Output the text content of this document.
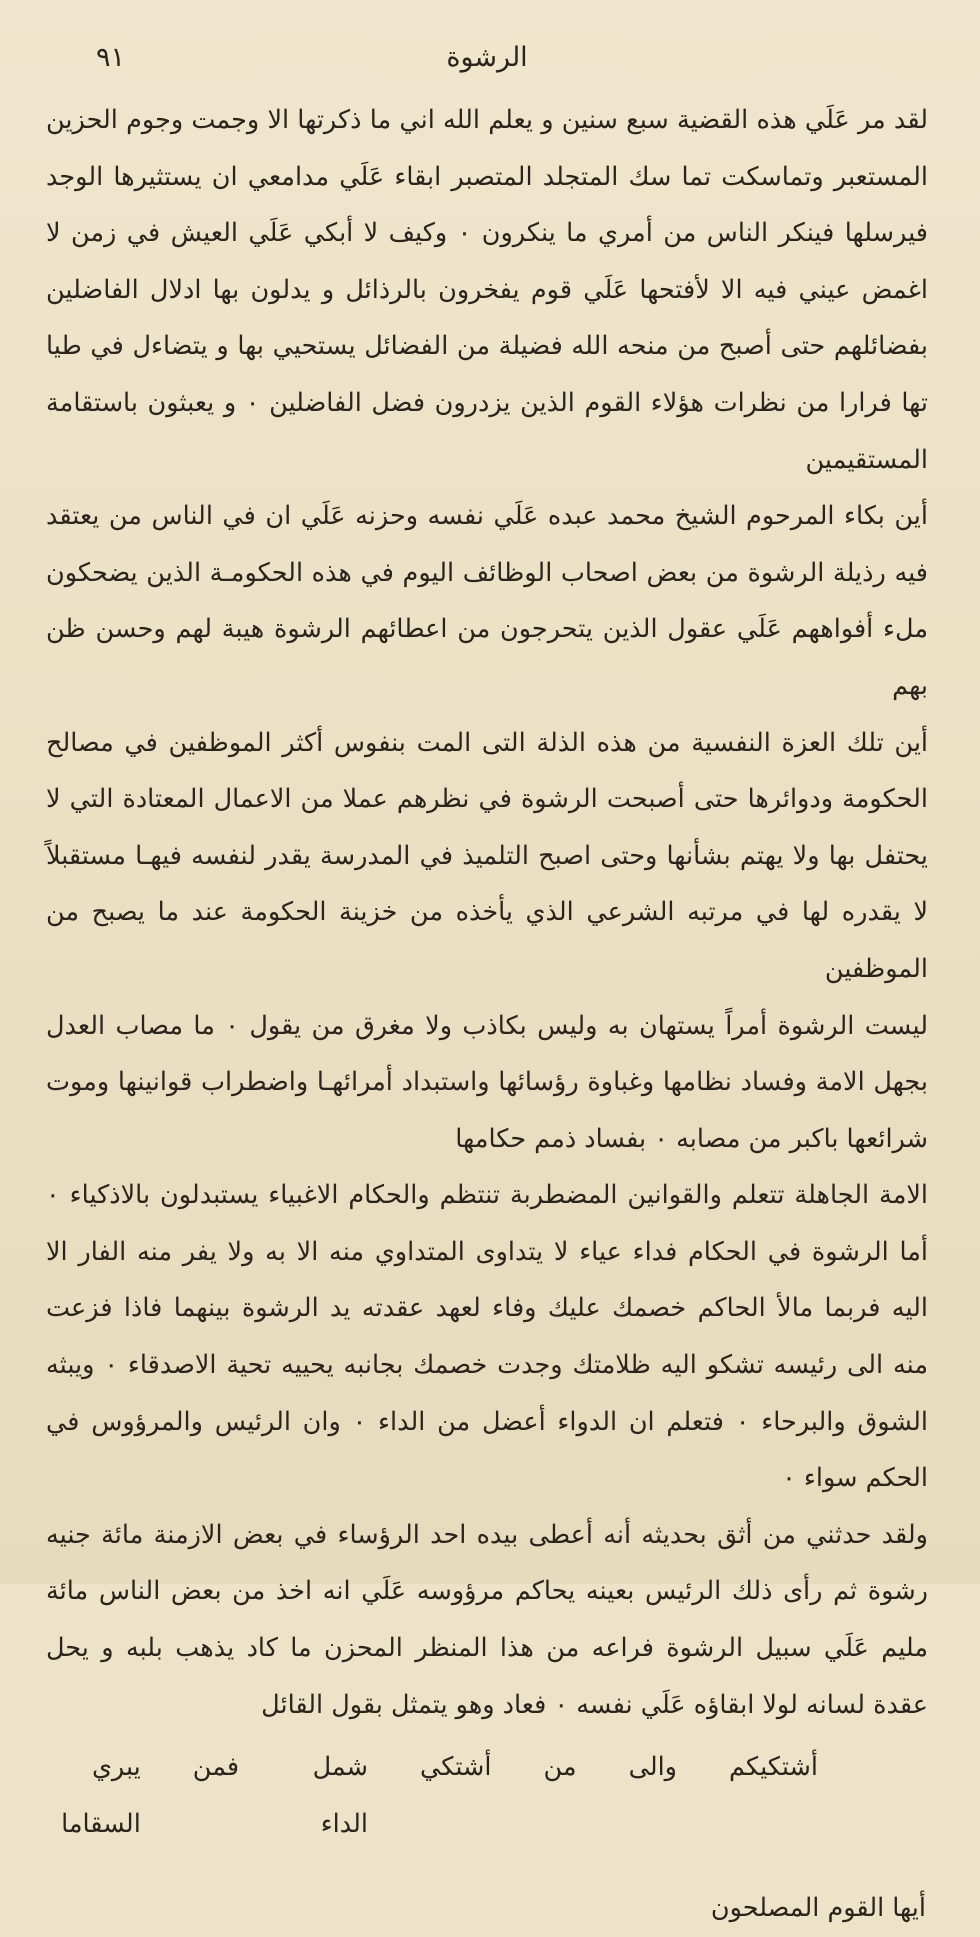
الرشوة
٩١

لقد مر عَلَي هذه القضية سبع سنين و يعلم الله اني ما ذكرتها الا وجمت وجوم الحزين المستعبر وتماسكت تما سك المتجلد المتصبر ابقاء عَلَي مدامعي ان يستثيرها الوجد فيرسلها فينكر الناس من أمري ما ينكرون ٠ وكيف لا أبكي عَلَي العيش في زمن لا اغمض عيني فيه الا لأفتحها عَلَي قوم يفخرون بالرذائل و يدلون بها ادلال الفاضلين بفضائلهم حتى أصبح من منحه الله فضيلة من الفضائل يستحيي بها و يتضاءل في طيا تها فرارا من نظرات هؤلاء القوم الذين يزدرون فضل الفاضلين ٠ و يعبثون باستقامة المستقيمين

أين بكاء المرحوم الشيخ محمد عبده عَلَي نفسه وحزنه عَلَي ان في الناس من يعتقد فيه رذيلة الرشوة من بعض اصحاب الوظائف اليوم في هذه الحكومـة الذين يضحكون ملء أفواههم عَلَي عقول الذين يتحرجون من اعطائهم الرشوة هيبة لهم وحسن ظن بهم

أين تلك العزة النفسية من هذه الذلة التى المت بنفوس أكثر الموظفين في مصالح الحكومة ودوائرها حتى أصبحت الرشوة في نظرهم عملا من الاعمال المعتادة التي لا يحتفل بها ولا يهتم بشأنها وحتى اصبح التلميذ في المدرسة يقدر لنفسه فيهـا مستقبلاً لا يقدره لها في مرتبه الشرعي الذي يأخذه من خزينة الحكومة عند ما يصبح من الموظفين

ليست الرشوة أمراً يستهان به وليس بكاذب ولا مغرق من يقول ٠ ما مصاب العدل بجهل الامة وفساد نظامها وغباوة رؤسائها واستبداد أمرائهـا واضطراب قوانينها وموت شرائعها باكبر من مصابه ٠ بفساد ذمم حكامها

الامة الجاهلة تتعلم والقوانين المضطربة تنتظم والحكام الاغبياء يستبدلون بالاذكياء ٠ أما الرشوة في الحكام فداء عياء لا يتداوى المتداوي منه الا به ولا يفر منه الفار الا اليه فربما مالأ الحاكم خصمك عليك وفاء لعهد عقدته يد الرشوة بينهما فاذا فزعت منه الى رئيسه تشكو اليه ظلامتك وجدت خصمك بجانبه يحييه تحية الاصدقاء ٠ ويبثه الشوق والبرحاء ٠ فتعلم ان الدواء أعضل من الداء ٠ وان الرئيس والمرؤوس في الحكم سواء ٠

ولقد حدثني من أثق بحديثه أنه أعطى بيده احد الرؤساء في بعض الازمنة مائة جنيه رشوة ثم رأى ذلك الرئيس بعينه يحاكم مرؤوسه عَلَي انه اخذ من بعض الناس مائة مليم عَلَي سبيل الرشوة فراعه من هذا المنظر المحزن ما كاد يذهب بلبه و يحل عقدة لسانه لولا ابقاؤه عَلَي نفسه ٠ فعاد وهو يتمثل بقول القائل

أشتكيكم
والى
من
أشتكي
شمل الداء
فمن
يبري السقاما
أيها القوم المصلحون
